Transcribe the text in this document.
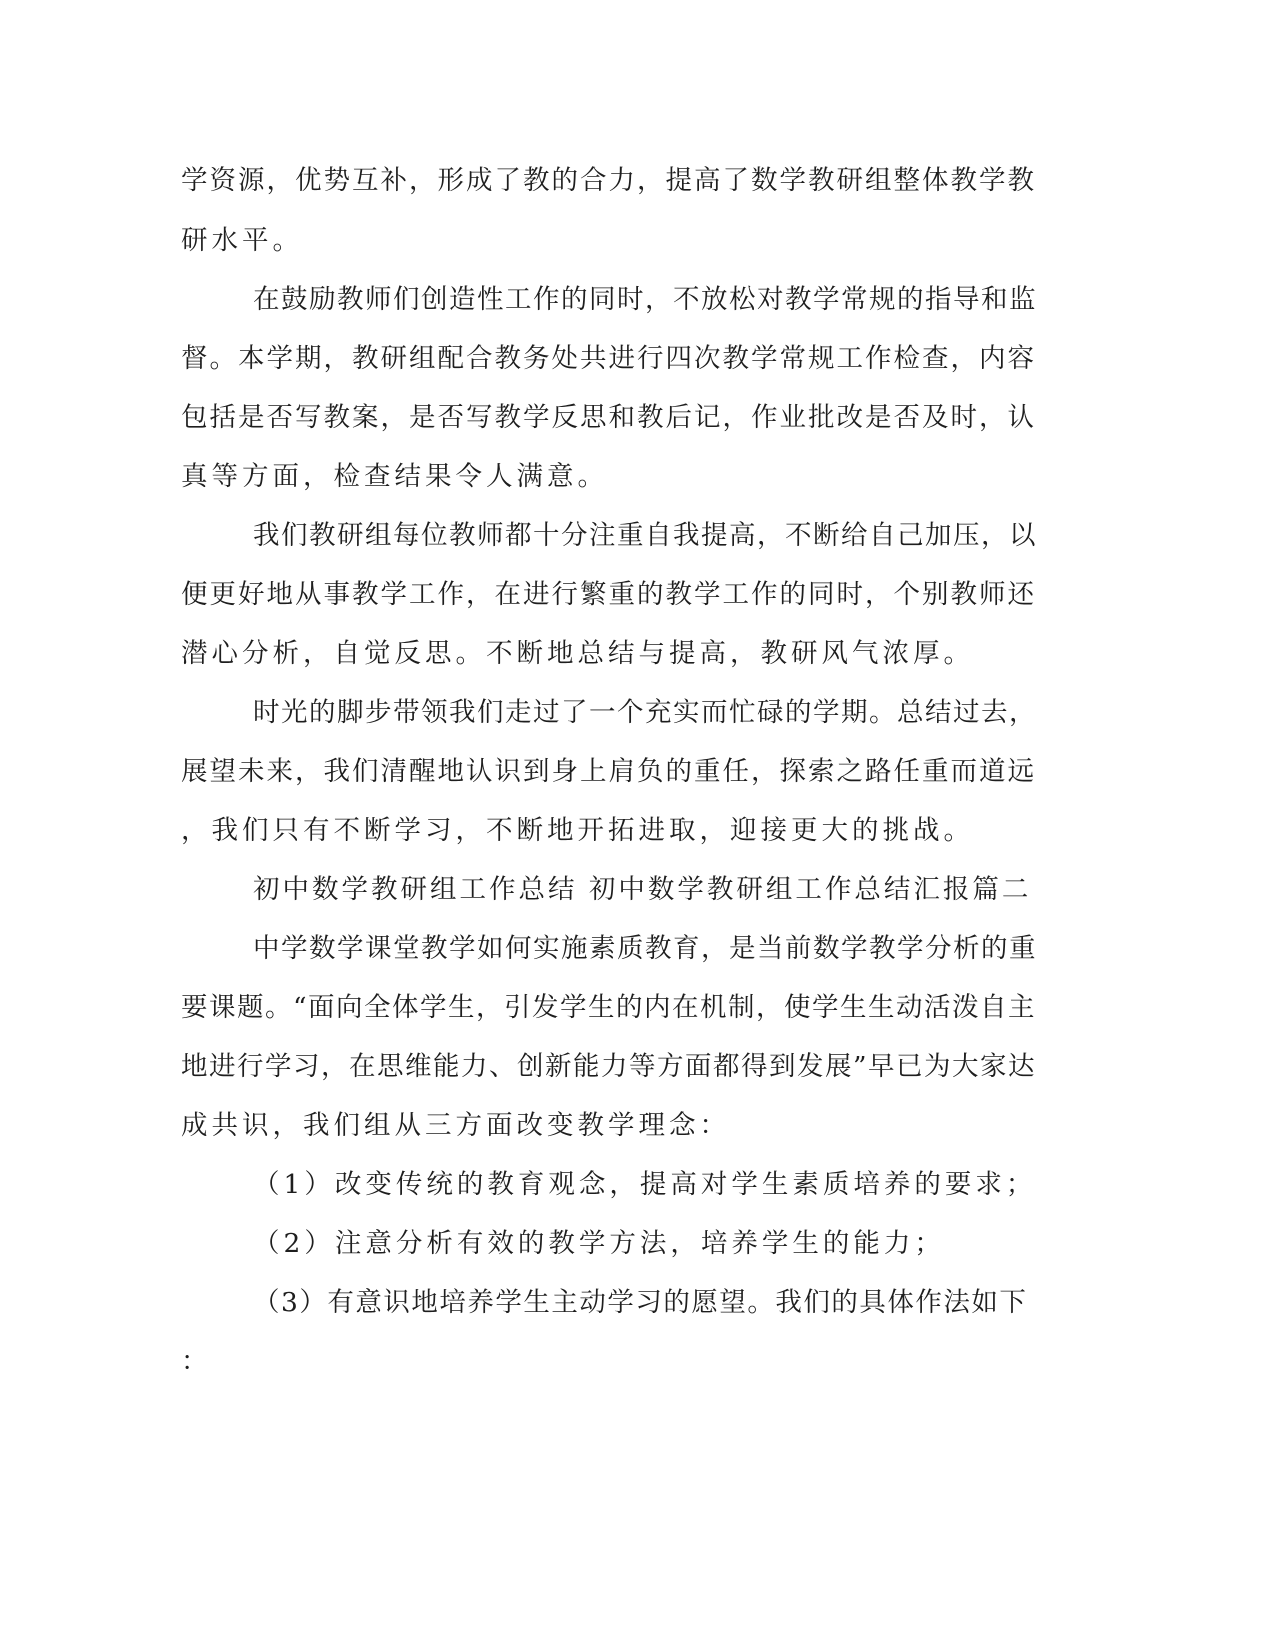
学资源，优势互补，形成了教的合力，提高了数学教研组整体教学教
研水平。
在鼓励教师们创造性工作的同时，不放松对教学常规的指导和监
督。本学期，教研组配合教务处共进行四次教学常规工作检查，内容
包括是否写教案，是否写教学反思和教后记，作业批改是否及时，认
真等方面，检查结果令人满意。
我们教研组每位教师都十分注重自我提高，不断给自己加压，以
便更好地从事教学工作，在进行繁重的教学工作的同时，个别教师还
潜心分析，自觉反思。不断地总结与提高，教研风气浓厚。
时光的脚步带领我们走过了一个充实而忙碌的学期。总结过去，
展望未来，我们清醒地认识到身上肩负的重任，探索之路任重而道远
，我们只有不断学习，不断地开拓进取，迎接更大的挑战。
初中数学教研组工作总结 初中数学教研组工作总结汇报篇二
中学数学课堂教学如何实施素质教育，是当前数学教学分析的重
要课题。“面向全体学生，引发学生的内在机制，使学生生动活泼自主
地进行学习，在思维能力、创新能力等方面都得到发展”早已为大家达
成共识，我们组从三方面改变教学理念：
（1）改变传统的教育观念，提高对学生素质培养的要求；
（2）注意分析有效的教学方法，培养学生的能力；
（3）有意识地培养学生主动学习的愿望。我们的具体作法如下
：
